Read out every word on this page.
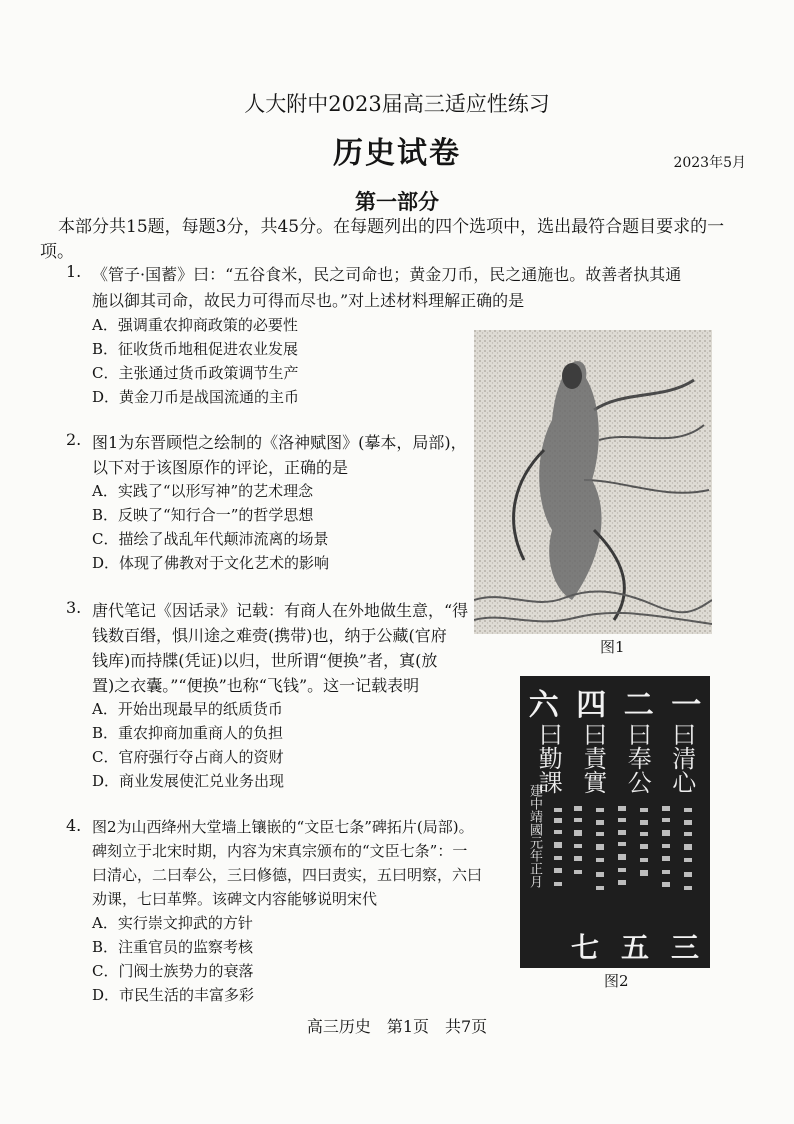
人大附中2023届高三适应性练习
历史试卷	2023年5月
第一部分
本部分共15题，每题3分，共45分。在每题列出的四个选项中，选出最符合题目要求的一
项。
1. 《管子·国蓄》曰：“五谷食米，民之司命也；黄金刀币，民之通施也。故善者执其通
施以御其司命，故民力可得而尽也。”对上述材料理解正确的是
A．强调重农抑商政策的必要性
B．征收货币地租促进农业发展
C．主张通过货币政策调节生产
D．黄金刀币是战国流通的主币
2. 图1为东晋顾恺之绘制的《洛神赋图》(摹本，局部)，
以下对于该图原作的评论，正确的是
A．实践了“以形写神”的艺术理念
B．反映了“知行合一”的哲学思想
C．描绘了战乱年代颠沛流离的场景
D．体现了佛教对于文化艺术的影响
图1
3. 唐代笔记《因话录》记载：有商人在外地做生意，“得
钱数百缗，惧川途之难赍(携带)也，纳于公藏(官府
钱库)而持牒(凭证)以归，世所谓“便换”者，寘(放
置)之衣囊。”“便换”也称“飞钱”。这一记载表明
A．开始出现最早的纸质货币
B．重农抑商加重商人的负担
C．官府强行夺占商人的资财
D．商业发展使汇兑业务出现
六 四 二 一
曰勤課 曰責實 曰奉公 曰清心
建中靖國元年正月
七 五 三
图2
4. 图2为山西绛州大堂墙上镶嵌的“文臣七条”碑拓片(局部)。
碑刻立于北宋时期，内容为宋真宗颁布的“文臣七条”：一
曰清心，二曰奉公，三曰修德，四曰责实，五曰明察，六曰
劝课，七曰革弊。该碑文内容能够说明宋代
A．实行崇文抑武的方针
B．注重官员的监察考核
C．门阀士族势力的衰落
D．市民生活的丰富多彩
高三历史　第1页　共7页
